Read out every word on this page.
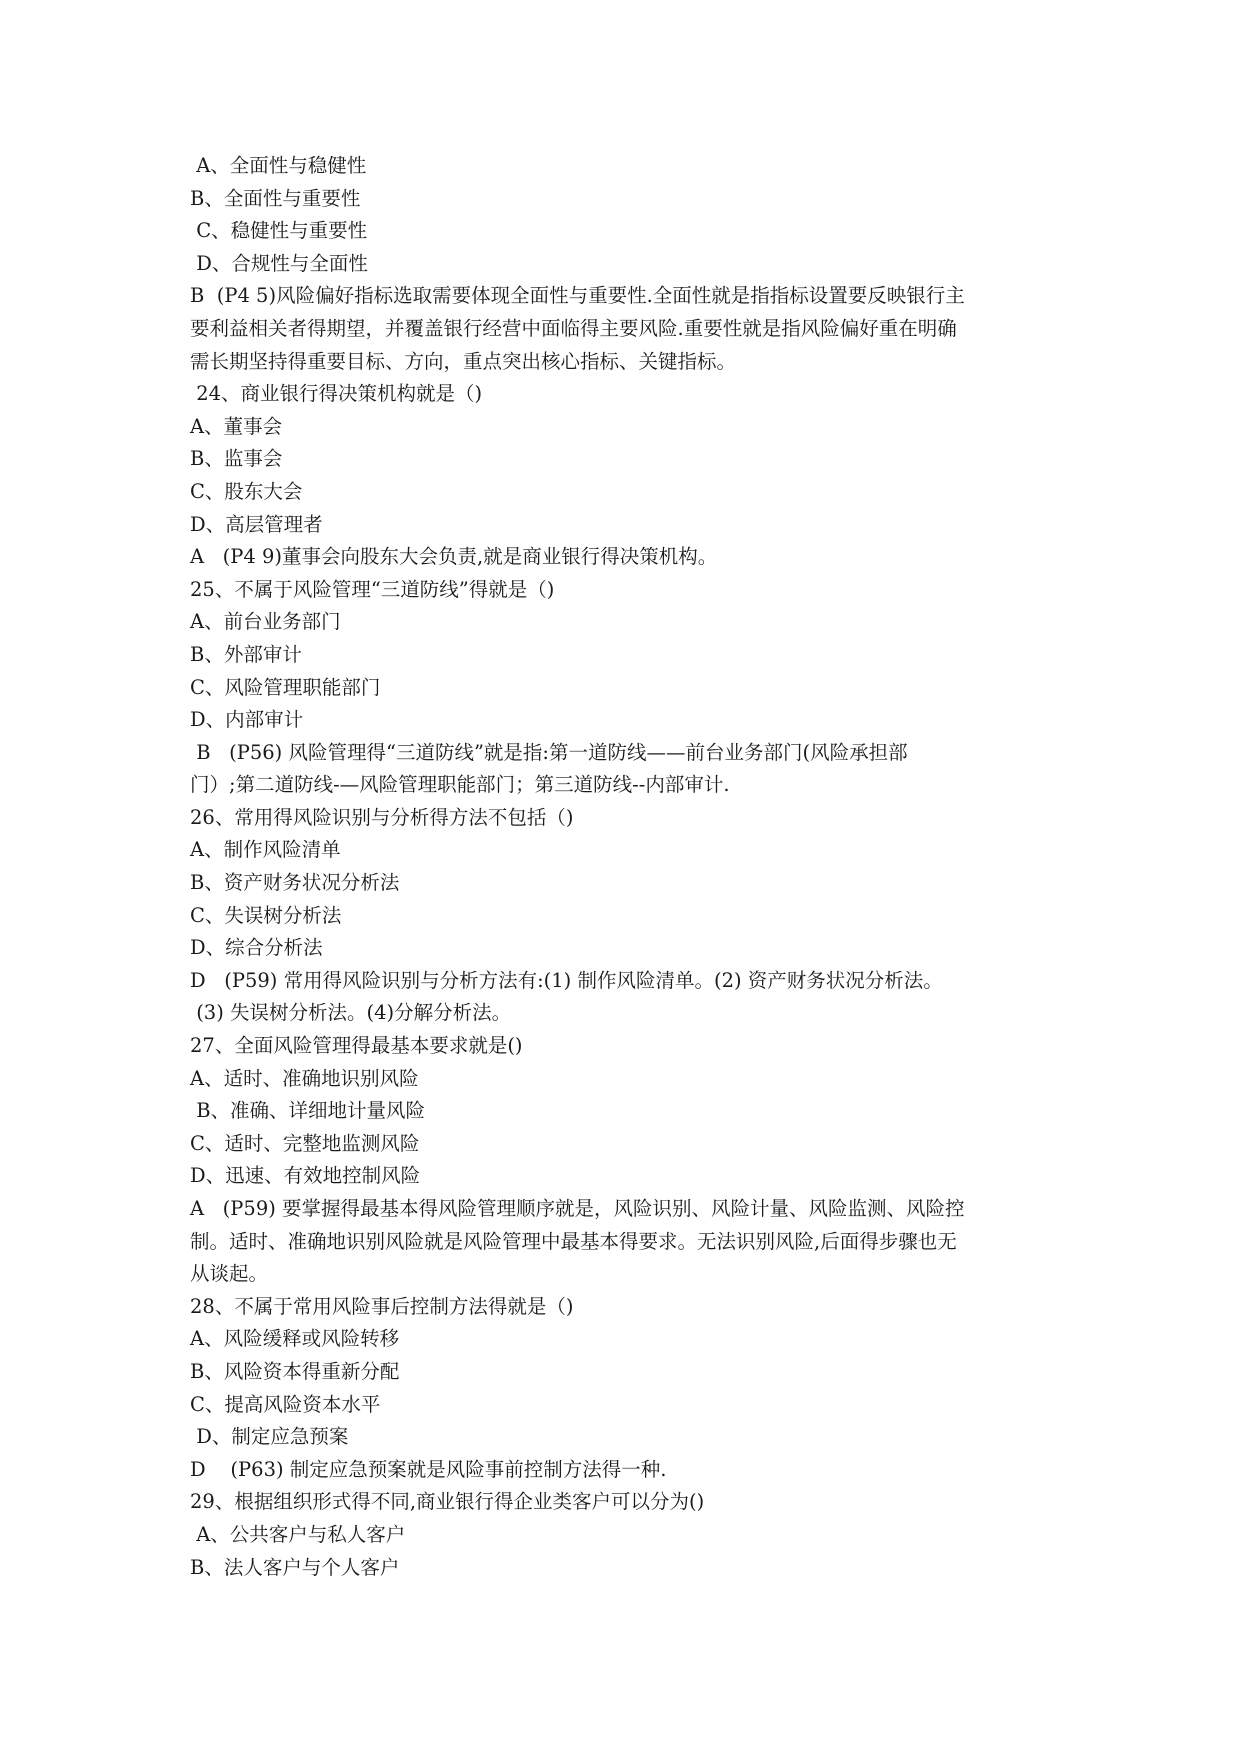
A、全面性与稳健性
B、全面性与重要性
C、稳健性与重要性
D、合规性与全面性
B  (P4 5)风险偏好指标选取需要体现全面性与重要性.全面性就是指指标设置要反映银行主
要利益相关者得期望，并覆盖银行经营中面临得主要风险.重要性就是指风险偏好重在明确
需长期坚持得重要目标、方向，重点突出核心指标、关键指标。
24、商业银行得决策机构就是（)
A、董事会
B、监事会
C、股东大会
D、高层管理者
A   (P4 9)董事会向股东大会负责,就是商业银行得决策机构。
25、不属于风险管理“三道防线”得就是（)
A、前台业务部门
B、外部审计
C、风险管理职能部门
D、内部审计
B   (P56) 风险管理得“三道防线”就是指:第一道防线——前台业务部门(风险承担部
门）;第二道防线-—风险管理职能部门；第三道防线--内部审计.
26、常用得风险识别与分析得方法不包括（)
A、制作风险清单
B、资产财务状况分析法
C、失误树分析法
D、综合分析法
D   (P59) 常用得风险识别与分析方法有:(1) 制作风险清单。(2) 资产财务状况分析法。
(3) 失误树分析法。(4)分解分析法。
27、全面风险管理得最基本要求就是()
A、适时、准确地识别风险
B、准确、详细地计量风险
C、适时、完整地监测风险
D、迅速、有效地控制风险
A   (P59) 要掌握得最基本得风险管理顺序就是，风险识别、风险计量、风险监测、风险控
制。适时、准确地识别风险就是风险管理中最基本得要求。无法识别风险,后面得步骤也无
从谈起。
28、不属于常用风险事后控制方法得就是（)
A、风险缓释或风险转移
B、风险资本得重新分配
C、提高风险资本水平
D、制定应急预案
D    (P63) 制定应急预案就是风险事前控制方法得一种.
29、根据组织形式得不同,商业银行得企业类客户可以分为()
A、公共客户与私人客户
B、法人客户与个人客户
